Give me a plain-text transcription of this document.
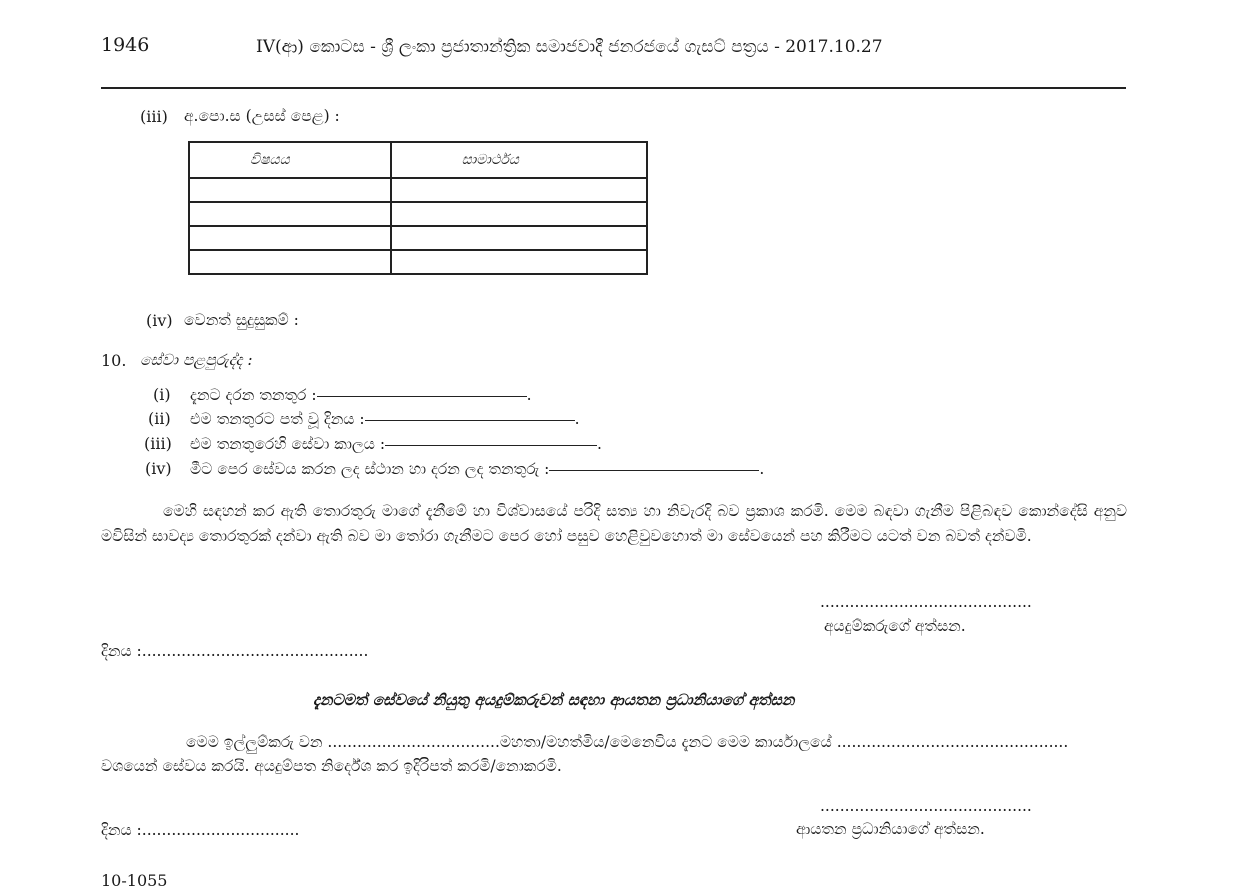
1946	IV(ආ) කොටස - ශ්‍රී ලංකා ප්‍රජාතාන්ත්‍රික සමාජවාදී ජනරජයේ ගැසට් පත්‍රය - 2017.10.27
(iii) අ.පො.ස (උසස් පෙළ) :
විෂයය	සාමාර්ථය

(iv) වෙනත් සුදුසුකම් :
10. සේවා පළපුරුද්ද :
(i) දැනට දරන තනතුර :	.
(ii) එම තනතුරට පත් වූ දිනය :	.
(iii) එම තනතුරෙහි සේවා කාලය :	.
(iv) මීට පෙර සේවය කරන ලද ස්ථාන හා දරන ලද තනතුරු :	.
මෙහි සඳහන් කර ඇති තොරතුරු මාගේ දැනීමේ හා විශ්වාසයේ පරිදි සත්‍ය හා නිවැරදි බව ප්‍රකාශ කරමි. මෙම බඳවා ගැනීම පිළිබඳව කොන්දේසි අනුව මවිසින් සාවද්‍ය තොරතුරක් දන්වා ඇති බව මා තෝරා ගැනීමට පෙර හෝ පසුව හෙළිවුවහොත් මා සේවයෙන් පහ කිරීමට යටත් වන බවත් දන්වමි.
...........................................
අයදුම්කරුගේ අත්සන.
දිනය :..............................................
දැනටමත් සේවයේ නියුතු අයදුම්කරුවන් සඳහා ආයතන ප්‍රධානියාගේ අත්සන
මෙම ඉල්ලුම්කරු වන ...................................මහතා/මහත්මිය/මෙනෙවිය දැනට මෙම කාර්යාලයේ ...............................................
වශයෙන් සේවය කරයි. අයදුම්පත නිර්දේශ කර ඉදිරිපත් කරමි/නොකරමි.
...........................................
දිනය :................................	ආයතන ප්‍රධානියාගේ අත්සන.
10-1055
